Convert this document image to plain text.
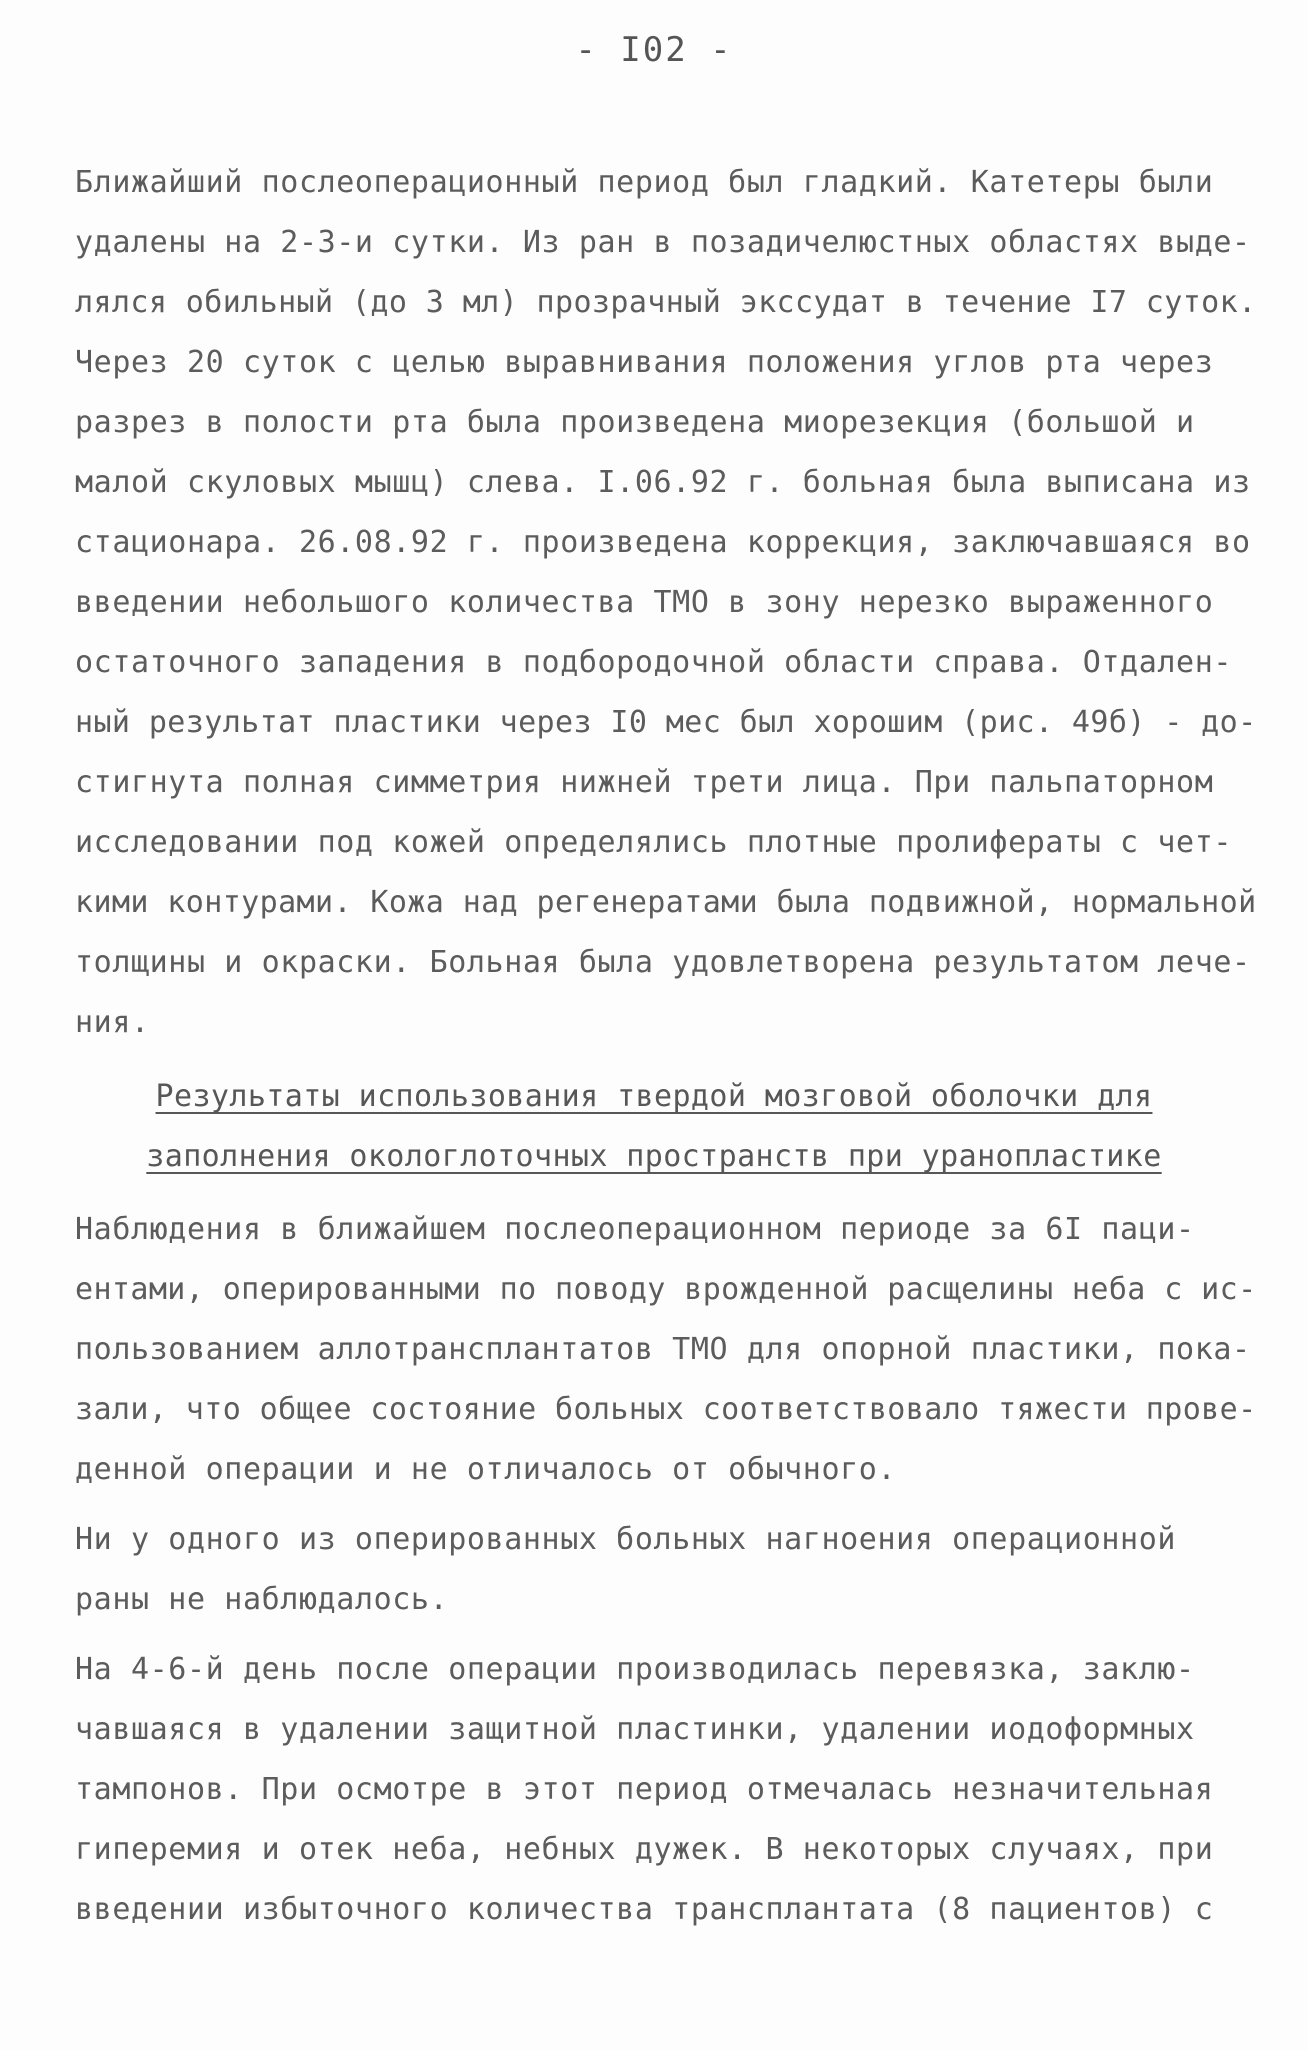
- I02 -
Ближайший послеоперационный период был гладкий. Катетеры были
удалены на 2-3-и сутки. Из ран в позадичелюстных областях выде-
лялся обильный (до 3 мл) прозрачный экссудат в течение I7 суток.
Через 20 суток с целью выравнивания положения углов рта через
разрез в полости рта была произведена миорезекция (большой и
малой скуловых мышц) слева. I.06.92 г. больная была выписана из
стационара. 26.08.92 г. произведена коррекция, заключавшаяся во
введении небольшого количества ТМО в зону нерезко выраженного
остаточного западения в подбородочной области справа. Отдален-
ный результат пластики через I0 мес был хорошим (рис. 49б) - до-
стигнута полная симметрия нижней трети лица. При пальпаторном
исследовании под кожей определялись плотные пролифераты с чет-
кими контурами. Кожа над регенератами была подвижной, нормальной
толщины и окраски. Больная была удовлетворена результатом лече-
ния.
Результаты использования твердой мозговой оболочки для
заполнения окологлоточных пространств при уранопластике
Наблюдения в ближайшем послеоперационном периоде за 6I паци-
ентами, оперированными по поводу врожденной расщелины неба с ис-
пользованием аллотрансплантатов ТМО для опорной пластики, пока-
зали, что общее состояние больных соответствовало тяжести прове-
денной операции и не отличалось от обычного.
Ни у одного из оперированных больных нагноения операционной
раны не наблюдалось.
На 4-6-й день после операции производилась перевязка, заклю-
чавшаяся в удалении защитной пластинки, удалении иодоформных
тампонов. При осмотре в этот период отмечалась незначительная
гиперемия и отек неба, небных дужек. В некоторых случаях, при
введении избыточного количества трансплантата (8 пациентов) с
